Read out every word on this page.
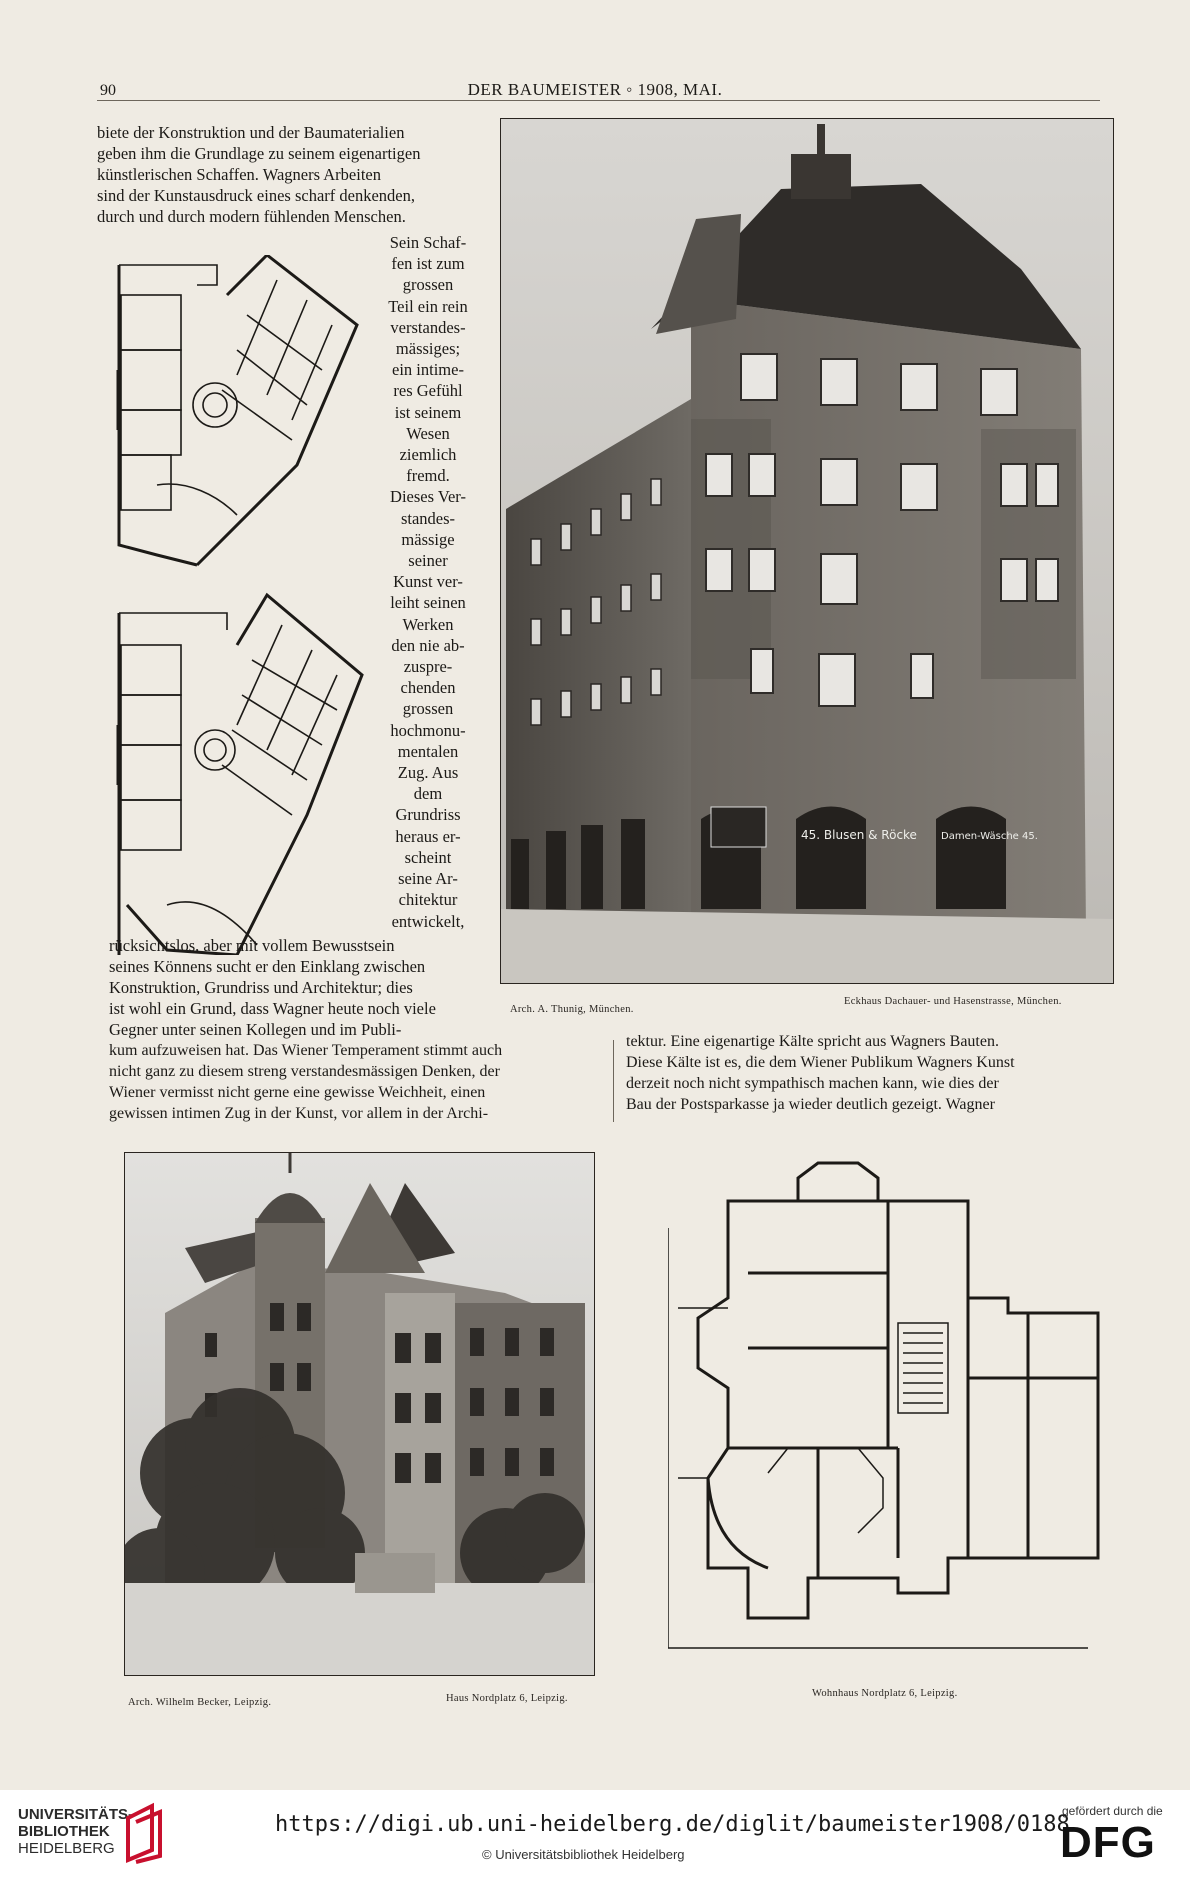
90	DER BAUMEISTER ◦ 1908, MAI.

biete der Konstruktion und der Baumaterialien

geben ihm die Grundlage zu seinem eigenartigen

künstlerischen Schaffen. Wagners Arbeiten

sind der Kunstausdruck eines scharf denkenden,

durch und durch modern fühlenden Menschen.

Sein Schaf-
fen ist zum
grossen
Teil ein rein
verstandes-
mässiges;
ein intime-
res Gefühl
ist seinem
Wesen
ziemlich
fremd.
Dieses Ver-
standes-
mässige
seiner
Kunst ver-
leiht seinen
Werken
den nie ab-
zuspre-
chenden
grossen
hochmonu-
mentalen
Zug. Aus
dem
Grundriss
heraus er-
scheint
seine Ar-
chitektur
entwickelt,
45. Blusen & Röcke Damen-Wäsche 45.
Arch. A. Thunig, München.
Eckhaus Dachauer- und Hasenstrasse, München.

rücksichtslos, aber mit vollem Bewusstsein

seines Könnens sucht er den Einklang zwischen

Konstruktion, Grundriss und Architektur; dies

ist wohl ein Grund, dass Wagner heute noch viele

Gegner unter seinen Kollegen und im Publi-

kum aufzuweisen hat. Das Wiener Temperament stimmt auch

nicht ganz zu diesem streng verstandesmässigen Denken, der

Wiener vermisst nicht gerne eine gewisse Weichheit, einen

gewissen intimen Zug in der Kunst, vor allem in der Archi-

tektur. Eine eigenartige Kälte spricht aus Wagners Bauten.

Diese Kälte ist es, die dem Wiener Publikum Wagners Kunst

derzeit noch nicht sympathisch machen kann, wie dies der

Bau der Postsparkasse ja wieder deutlich gezeigt. Wagner

Arch. Wilhelm Becker, Leipzig.	Haus Nordplatz 6, Leipzig.	Wohnhaus Nordplatz 6, Leipzig.
UNIVERSITÄTS-
BIBLIOTHEK
HEIDELBERG
https://digi.ub.uni-heidelberg.de/diglit/baumeister1908/0188
© Universitätsbibliothek Heidelberg
gefördert durch die
DFG
